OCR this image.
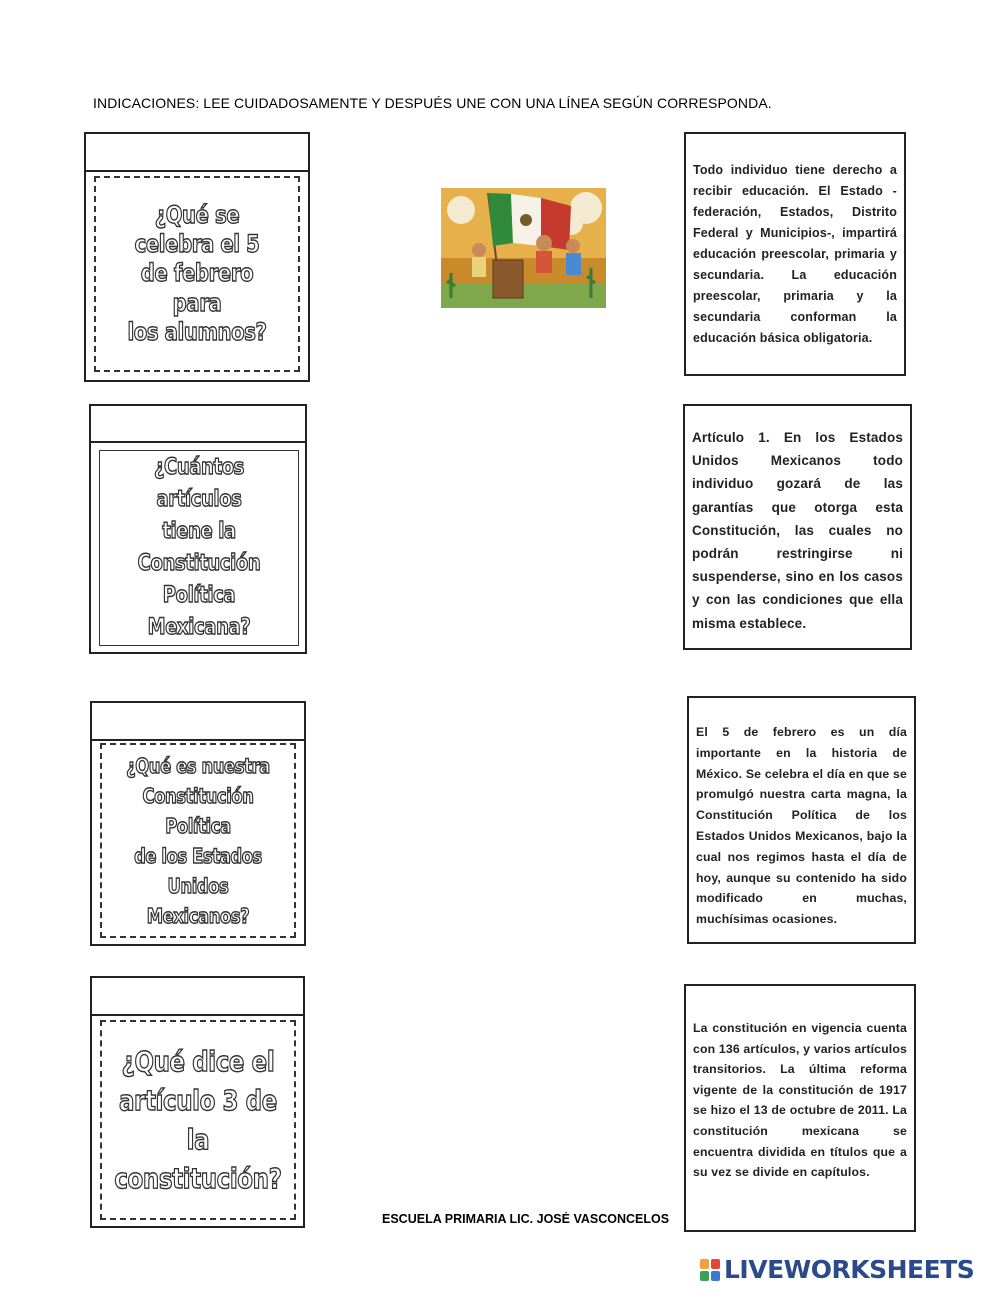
INDICACIONES: LEE CUIDADOSAMENTE Y DESPUÉS UNE CON UNA LÍNEA SEGÚN CORRESPONDA.
¿Qué se celebra el 5
de febrero para
los alumnos?
¿Cuántos artículos
tiene la Constitución
Política Mexicana?
¿Qué es nuestra
Constitución Política
de los Estados Unidos
Mexicanos?
¿Qué dice el
artículo 3 de la
constitución?

Todo individuo tiene derecho a recibir educación. El Estado -federación, Estados, Distrito Federal y Municipios-, impartirá educación preescolar, primaria y secundaria. La educación preescolar, primaria y la secundaria conforman la educación básica obligatoria.

Artículo 1. En los Estados Unidos Mexicanos todo individuo gozará de las garantías que otorga esta Constitución, las cuales no podrán restringirse ni suspenderse, sino en los casos y con las condiciones que ella misma establece.

El 5 de febrero es un día importante en la historia de México. Se celebra el día en que se promulgó nuestra carta magna, la Constitución Política de los Estados Unidos Mexicanos, bajo la cual nos regimos hasta el día de hoy, aunque su contenido ha sido modificado en muchas, muchísimas ocasiones.

La constitución en vigencia cuenta con 136 artículos, y varios artículos transitorios. La última reforma vigente de la constitución de 1917 se hizo el 13 de octubre de 2011. La constitución mexicana se encuentra dividida en títulos que a su vez se divide en capítulos.

ESCUELA PRIMARIA LIC. JOSÉ VASCONCELOS
LIVEWORKSHEETS
